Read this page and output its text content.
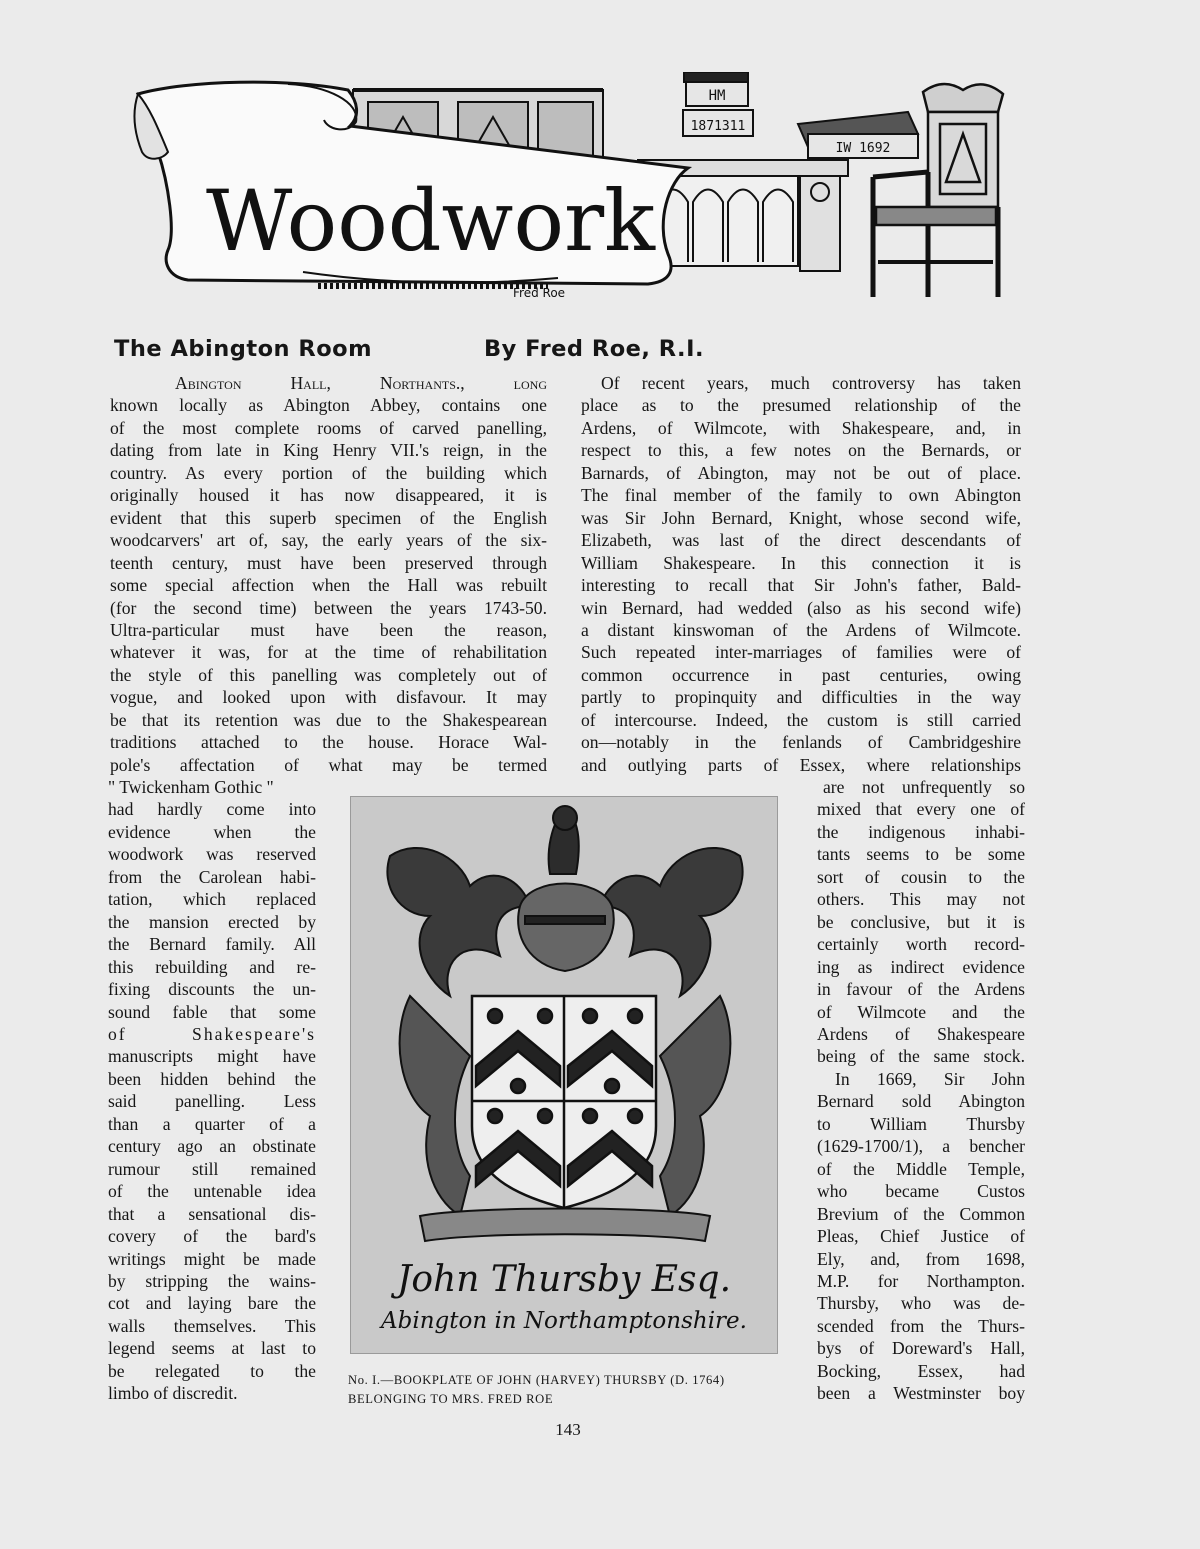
HM
1871311
IW 1692
Woodwork
Fred Roe
The Abington Room	By Fred Roe, R.I.

Abington Hall, Northants., long

known locally as Abington Abbey, contains one

of the most complete rooms of carved panelling,

dating from late in King Henry VII.'s reign, in the

country. As every portion of the building which

originally housed it has now disappeared, it is

evident that this superb specimen of the English

woodcarvers' art of, say, the early years of the six-

teenth century, must have been preserved through

some special affection when the Hall was rebuilt

(for the second time) between the years 1743-50.

Ultra-particular must have been the reason,

whatever it was, for at the time of rehabilitation

the style of this panelling was completely out of

vogue, and looked upon with disfavour. It may

be that its retention was due to the Shakespearean

traditions attached to the house. Horace Wal-

pole's affectation of what may be termed

" Twickenham Gothic "

had hardly come into

evidence when the

woodwork was reserved

from the Carolean habi-

tation, which replaced

the mansion erected by

the Bernard family. All

this rebuilding and re-

fixing discounts the un-

sound fable that some

of Shakespeare's

manuscripts might have

been hidden behind the

said panelling. Less

than a quarter of a

century ago an obstinate

rumour still remained

of the untenable idea

that a sensational dis-

covery of the bard's

writings might be made

by stripping the wains-

cot and laying bare the

walls themselves. This

legend seems at last to

be relegated to the

limbo of discredit.

Of recent years, much controversy has taken

place as to the presumed relationship of the

Ardens, of Wilmcote, with Shakespeare, and, in

respect to this, a few notes on the Bernards, or

Barnards, of Abington, may not be out of place.

The final member of the family to own Abington

was Sir John Bernard, Knight, whose second wife,

Elizabeth, was last of the direct descendants of

William Shakespeare. In this connection it is

interesting to recall that Sir John's father, Bald-

win Bernard, had wedded (also as his second wife)

a distant kinswoman of the Ardens of Wilmcote.

Such repeated inter-marriages of families were of

common occurrence in past centuries, owing

partly to propinquity and difficulties in the way

of intercourse. Indeed, the custom is still carried

on—notably in the fenlands of Cambridgeshire

and outlying parts of Essex, where relationships

are not unfrequently so

mixed that every one of

the indigenous inhabi-

tants seems to be some

sort of cousin to the

others. This may not

be conclusive, but it is

certainly worth record-

ing as indirect evidence

in favour of the Ardens

of Wilmcote and the

Ardens of Shakespeare

being of the same stock.

In 1669, Sir John

Bernard sold Abington

to William Thursby

(1629-1700/1), a bencher

of the Middle Temple,

who became Custos

Brevium of the Common

Pleas, Chief Justice of

Ely, and, from 1698,

M.P. for Northampton.

Thursby, who was de-

scended from the Thurs-

bys of Doreward's Hall,

Bocking, Essex, had

been a Westminster boy

John Thursby Esq.
Abington in Northamptonshire.
No. I.—BOOKPLATE OF JOHN (HARVEY) THURSBY (D. 1764)
BELONGING TO MRS. FRED ROE
143
